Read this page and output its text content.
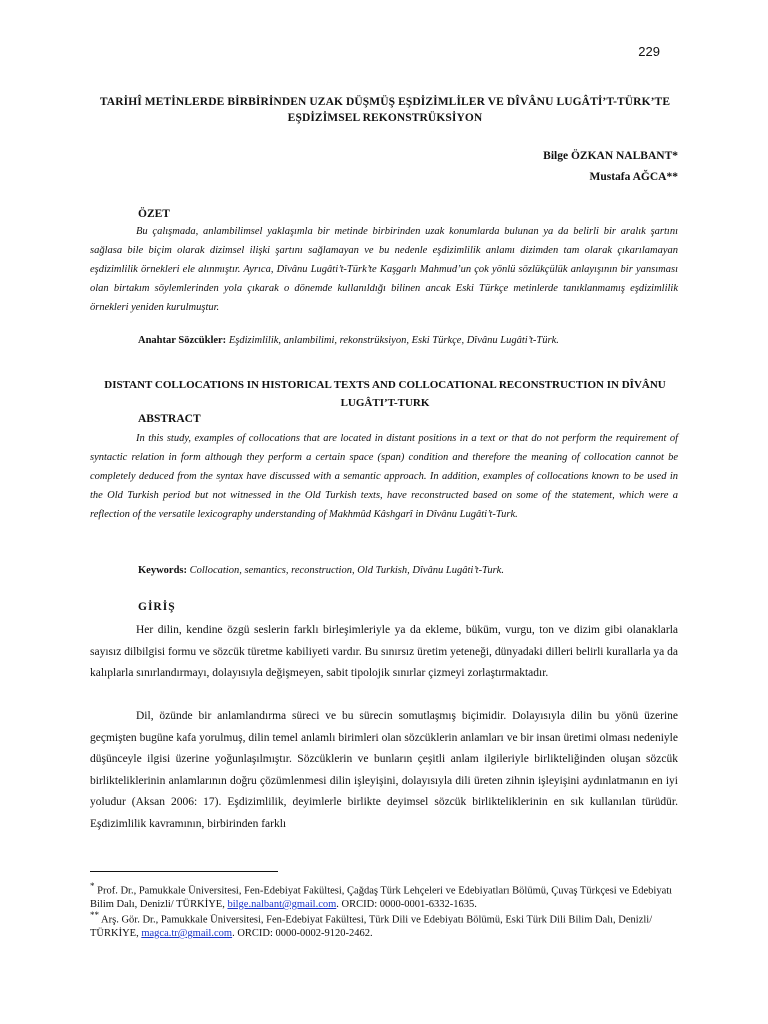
229
TARİHÎ METİNLERDE BİRBİRİNDEN UZAK DÜŞMÜŞ EŞDİZİMLİLER VE DÎVÂNU LUGÂTİ’T-TÜRK’TE EŞDİZİMSEL REKONSTRÜKSİYON
Bilge ÖZKAN NALBANT*
Mustafa AĞCA**
ÖZET
Bu çalışmada, anlambilimsel yaklaşımla bir metinde birbirinden uzak konumlarda bulunan ya da belirli bir aralık şartını sağlasa bile biçim olarak dizimsel ilişki şartını sağlamayan ve bu nedenle eşdizimlilik anlamı dizimden tam olarak çıkarılamayan eşdizimlilik örnekleri ele alınmıştır. Ayrıca, Dîvânu Lugâti’t-Türk’te Kaşgarlı Mahmud’un çok yönlü sözlükçülük anlayışının bir yansıması olan birtakım söylemlerinden yola çıkarak o dönemde kullanıldığı bilinen ancak Eski Türkçe metinlerde tanıklanmamış eşdizimlilik örnekleri yeniden kurulmuştur.
Anahtar Sözcükler: Eşdizimlilik, anlambilimi, rekonstrüksiyon, Eski Türkçe, Dîvânu Lugâti’t-Türk.
DISTANT COLLOCATIONS IN HISTORICAL TEXTS AND COLLOCATIONAL RECONSTRUCTION IN DÎVÂNU LUGÂTI’T-TURK
ABSTRACT
In this study, examples of collocations that are located in distant positions in a text or that do not perform the requirement of syntactic relation in form although they perform a certain space (span) condition and therefore the meaning of collocation cannot be completely deduced from the syntax have discussed with a semantic approach. In addition, examples of collocations known to be used in the Old Turkish period but not witnessed in the Old Turkish texts, have reconstructed based on some of the statement, which were a reflection of the versatile lexicography understanding of Makhmûd Kâshgarî in Dîvânu Lugâti’t-Turk.
Keywords: Collocation, semantics, reconstruction, Old Turkish, Dîvânu Lugâti’t-Turk.
GİRİŞ
Her dilin, kendine özgü seslerin farklı birleşimleriyle ya da ekleme, büküm, vurgu, ton ve dizim gibi olanaklarla sayısız dilbilgisi formu ve sözcük türetme kabiliyeti vardır. Bu sınırsız üretim yeteneği, dünyadaki dilleri belirli kurallarla ya da kalıplarla sınırlandırmayı, dolayısıyla değişmeyen, sabit tipolojik sınırlar çizmeyi zorlaştırmaktadır.
Dil, özünde bir anlamlandırma süreci ve bu sürecin somutlaşmış biçimidir. Dolayısıyla dilin bu yönü üzerine geçmişten bugüne kafa yorulmuş, dilin temel anlamlı birimleri olan sözcüklerin anlamları ve bir insan üretimi olması nedeniyle düşünceyle ilgisi üzerine yoğunlaşılmıştır. Sözcüklerin ve bunların çeşitli anlam ilgileriyle birlikteliğinden oluşan sözcük birlikteliklerinin anlamlarının doğru çözümlenmesi dilin işleyişini, dolayısıyla dili üreten zihnin işleyişini aydınlatmanın en iyi yoludur (Aksan 2006: 17). Eşdizimlilik, deyimlerle birlikte deyimsel sözcük birlikteliklerinin en sık kullanılan türüdür. Eşdizimlilik kavramının, birbirinden farklı
* Prof. Dr., Pamukkale Üniversitesi, Fen-Edebiyat Fakültesi, Çağdaş Türk Lehçeleri ve Edebiyatları Bölümü, Çuvaş Türkçesi ve Edebiyatı Bilim Dalı, Denizli/ TÜRKİYE, bilge.nalbant@gmail.com. ORCID: 0000-0001-6332-1635.
** Arş. Gör. Dr., Pamukkale Üniversitesi, Fen-Edebiyat Fakültesi, Türk Dili ve Edebiyatı Bölümü, Eski Türk Dili Bilim Dalı, Denizli/ TÜRKİYE, magca.tr@gmail.com. ORCID: 0000-0002-9120-2462.
